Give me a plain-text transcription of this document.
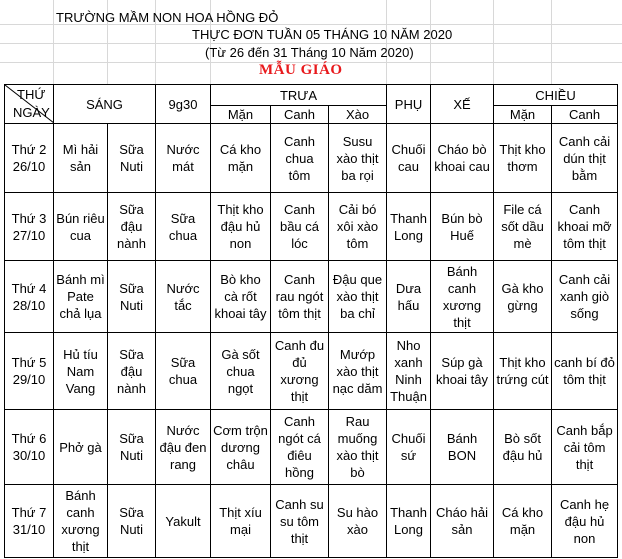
TRƯỜNG MẦM NON HOA HỒNG ĐỎ
THỰC ĐƠN TUẦN 05 THÁNG 10 NĂM 2020
(Từ 26 đến 31 Tháng 10 Năm 2020)
MẪU GIÁO
THỨ
NGÀY	SÁNG		9g30	TRƯA			PHỤ	XẾ	CHIỀU	
				Mặn	Canh	Xào			Mặn	Canh
Thứ 2
26/10	Mì hải sản	Sữa Nuti	Nước mát	Cá kho mặn	Canh chua tôm	Susu xào thịt ba rọi	Chuối cau	Cháo bò khoai cau	Thịt kho thơm	Canh cải dún thịt bằm
Thứ 3
27/10	Bún riêu cua	Sữa đậu nành	Sữa chua	Thịt kho đậu hủ non	Canh bầu cá lóc	Cải bó xôi xào tôm	Thanh Long	Bún bò Huế	File cá sốt dầu mè	Canh khoai mỡ tôm thịt
Thứ 4
28/10	Bánh mì Pate chả lụa	Sữa Nuti	Nước tắc	Bò kho cà rốt khoai tây	Canh rau ngót tôm thịt	Đậu que xào thịt ba chỉ	Dưa hấu	Bánh canh xương thịt	Gà kho gừng	Canh cải xanh giò sống
Thứ 5
29/10	Hủ tíu Nam Vang	Sữa đậu nành	Sữa chua	Gà sốt chua ngọt	Canh đu đủ xương thịt	Mướp xào thịt nạc dăm	Nho xanh Ninh Thuận	Súp gà khoai tây	Thịt kho trứng cút	canh bí đỏ tôm thịt
Thứ 6
30/10	Phở gà	Sữa Nuti	Nước đậu đen rang	Cơm trộn dương châu	Canh ngót cá điêu hồng	Rau muống xào thịt bò	Chuối sứ	Bánh BON	Bò sốt đậu hủ	Canh bắp cải tôm thịt
Thứ 7
31/10	Bánh canh xương thịt	Sữa Nuti	Yakult	Thịt xíu mại	Canh su su tôm thịt	Su hào xào	Thanh Long	Cháo hải sản	Cá kho mặn	Canh hẹ đậu hủ non
